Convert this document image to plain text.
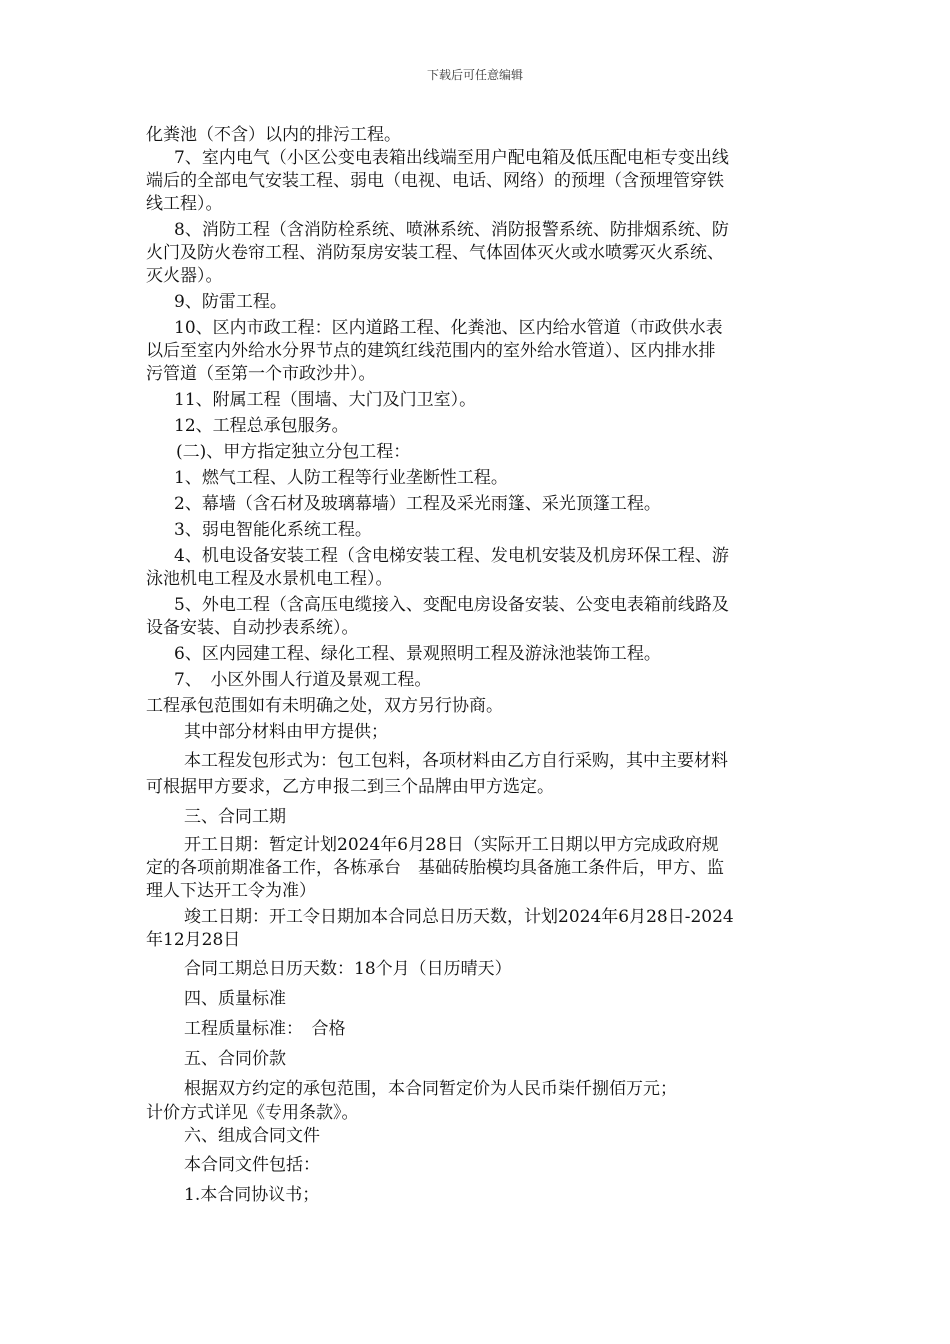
下载后可任意编辑

化粪池（不含）以内的排污工程。

7、室内电气（小区公变电表箱出线端至用户配电箱及低压配电柜专变出线

端后的全部电气安装工程、弱电（电视、电话、网络）的预埋（含预埋管穿铁

线工程）。

8、消防工程（含消防栓系统、喷淋系统、消防报警系统、防排烟系统、防

火门及防火卷帘工程、消防泵房安装工程、气体固体灭火或水喷雾灭火系统、

灭火器）。

9、防雷工程。

10、区内市政工程：区内道路工程、化粪池、区内给水管道（市政供水表

以后至室内外给水分界节点的建筑红线范围内的室外给水管道）、区内排水排

污管道（至第一个市政沙井）。

11、附属工程（围墙、大门及门卫室）。

12、工程总承包服务。

(二)、甲方指定独立分包工程：

1、燃气工程、人防工程等行业垄断性工程。

2、幕墙（含石材及玻璃幕墙）工程及采光雨篷、采光顶篷工程。

3、弱电智能化系统工程。

4、机电设备安装工程（含电梯安装工程、发电机安装及机房环保工程、游

泳池机电工程及水景机电工程）。

5、外电工程（含高压电缆接入、变配电房设备安装、公变电表箱前线路及

设备安装、自动抄表系统）。

6、区内园建工程、绿化工程、景观照明工程及游泳池装饰工程。

7、　小区外围人行道及景观工程。

工程承包范围如有未明确之处，双方另行协商。

其中部分材料由甲方提供；

本工程发包形式为：包工包料，各项材料由乙方自行采购，其中主要材料

可根据甲方要求，乙方申报二到三个品牌由甲方选定。

三、合同工期

开工日期：暂定计划2024年6月28日（实际开工日期以甲方完成政府规

定的各项前期准备工作，各栋承台　基础砖胎模均具备施工条件后，甲方、监

理人下达开工令为准）

竣工日期：开工令日期加本合同总日历天数，计划2024年6月28日-2024

年12月28日

合同工期总日历天数：18个月（日历晴天）

四、质量标准

工程质量标准：　合格

五、合同价款

根据双方约定的承包范围，本合同暂定价为人民币柒仟捌佰万元；

计价方式详见《专用条款》。

六、组成合同文件

本合同文件包括：

1.本合同协议书；
